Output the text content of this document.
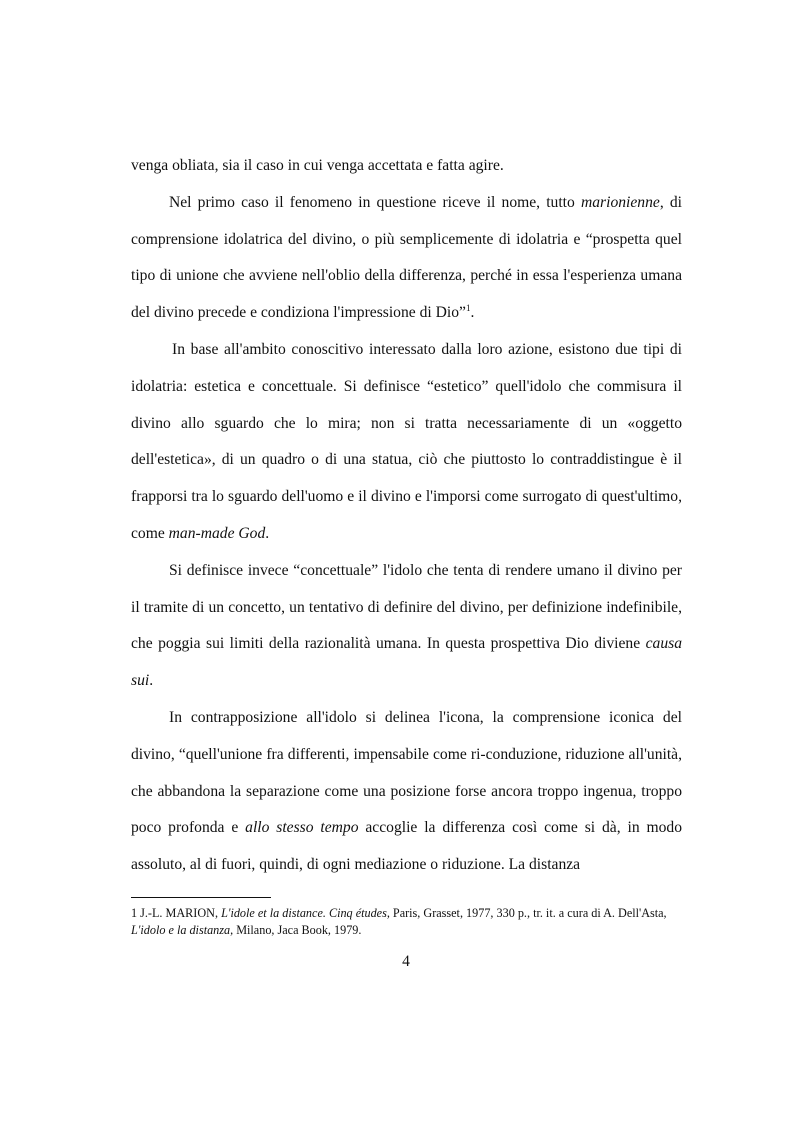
venga obliata, sia il caso in cui venga accettata e fatta agire.

Nel primo caso il fenomeno in questione riceve il nome, tutto marionienne, di comprensione idolatrica del divino, o più semplicemente di idolatria e “prospetta quel tipo di unione che avviene nell'oblio della differenza, perché in essa l'esperienza umana del divino precede e condiziona l'impressione di Dio”$^1$.

In base all'ambito conoscitivo interessato dalla loro azione, esistono due tipi di idolatria: estetica e concettuale. Si definisce “estetico” quell'idolo che commisura il divino allo sguardo che lo mira; non si tratta necessariamente di un «oggetto dell'estetica», di un quadro o di una statua, ciò che piuttosto lo contraddistingue è il frapporsi tra lo sguardo dell'uomo e il divino e l'imporsi come surrogato di quest'ultimo, come man-made God.

Si definisce invece “concettuale” l'idolo che tenta di rendere umano il divino per il tramite di un concetto, un tentativo di definire del divino, per definizione indefinibile, che poggia sui limiti della razionalità umana. In questa prospettiva Dio diviene causa sui.

In contrapposizione all'idolo si delinea l'icona, la comprensione iconica del divino, “quell'unione fra differenti, impensabile come ri-conduzione, riduzione all'unità, che abbandona la separazione come una posizione forse ancora troppo ingenua, troppo poco profonda e allo stesso tempo accoglie la differenza così come si dà, in modo assoluto, al di fuori, quindi, di ogni mediazione o riduzione. La distanza

1 J.-L. MARION, L'idole et la distance. Cinq études, Paris, Grasset, 1977, 330 p., tr. it. a cura di A. Dell'Asta, L'idolo e la distanza, Milano, Jaca Book, 1979.
4
